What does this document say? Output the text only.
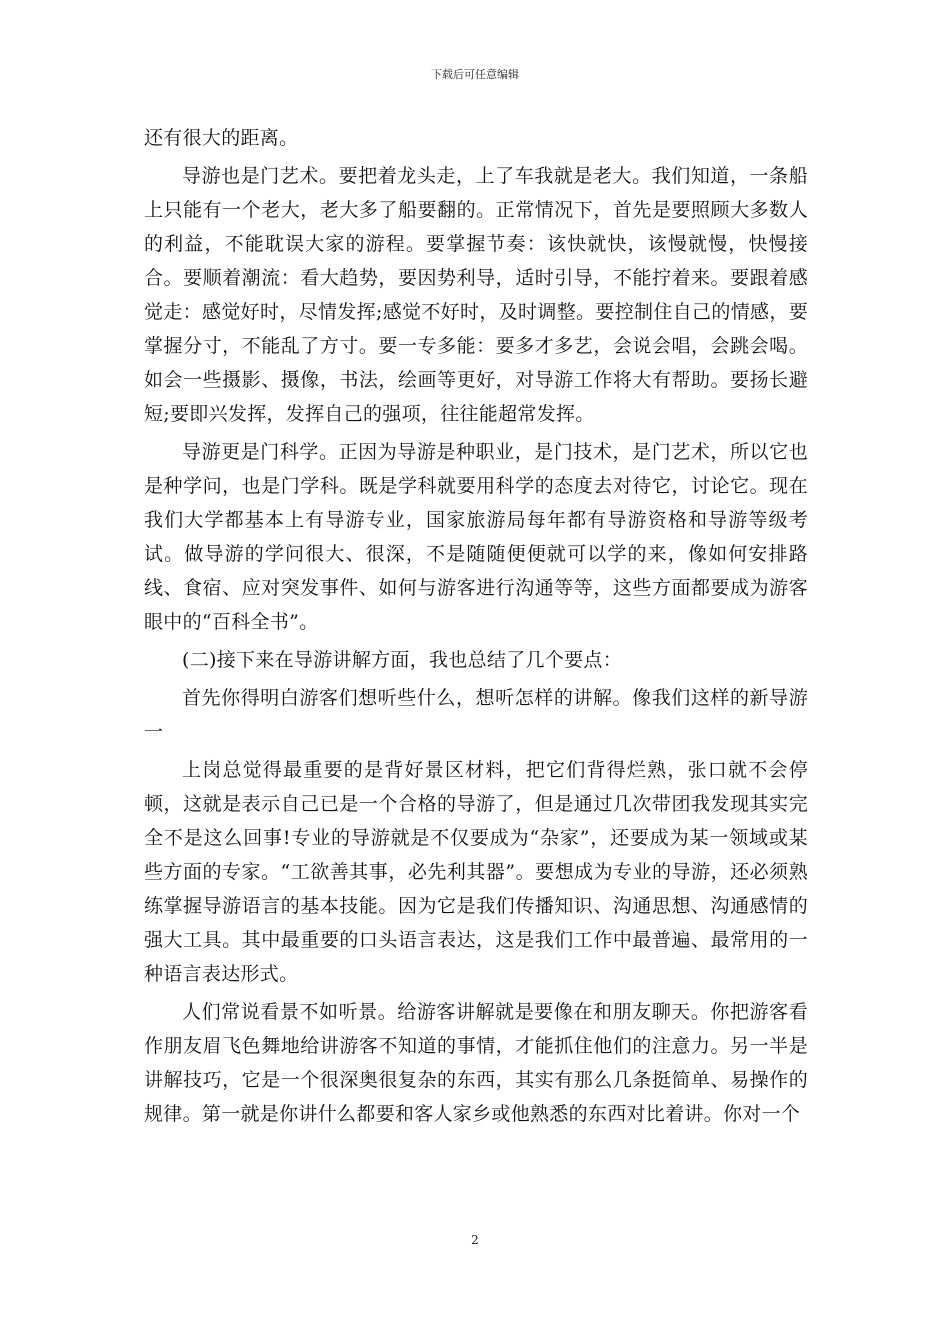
下载后可任意编辑

还有很大的距离。

导游也是门艺术。要把着龙头走，上了车我就是老大。我们知道，一条船上只能有一个老大，老大多了船要翻的。正常情况下，首先是要照顾大多数人的利益，不能耽误大家的游程。要掌握节奏：该快就快，该慢就慢，快慢接合。要顺着潮流：看大趋势，要因势利导，适时引导，不能拧着来。要跟着感觉走：感觉好时，尽情发挥;感觉不好时，及时调整。要控制住自己的情感，要掌握分寸，不能乱了方寸。要一专多能：要多才多艺，会说会唱，会跳会喝。如会一些摄影、摄像，书法，绘画等更好，对导游工作将大有帮助。要扬长避短;要即兴发挥，发挥自己的强项，往往能超常发挥。

导游更是门科学。正因为导游是种职业，是门技术，是门艺术，所以它也是种学问，也是门学科。既是学科就要用科学的态度去对待它，讨论它。现在我们大学都基本上有导游专业，国家旅游局每年都有导游资格和导游等级考试。做导游的学问很大、很深，不是随随便便就可以学的来，像如何安排路线、食宿、应对突发事件、如何与游客进行沟通等等，这些方面都要成为游客眼中的“百科全书”。

(二)接下来在导游讲解方面，我也总结了几个要点：

首先你得明白游客们想听些什么，想听怎样的讲解。像我们这样的新导游一

上岗总觉得最重要的是背好景区材料，把它们背得烂熟，张口就不会停顿，这就是表示自己已是一个合格的导游了，但是通过几次带团我发现其实完全不是这么回事!专业的导游就是不仅要成为“杂家”，还要成为某一领域或某些方面的专家。“工欲善其事，必先利其器”。要想成为专业的导游，还必须熟练掌握导游语言的基本技能。因为它是我们传播知识、沟通思想、沟通感情的强大工具。其中最重要的口头语言表达，这是我们工作中最普遍、最常用的一种语言表达形式。

人们常说看景不如听景。给游客讲解就是要像在和朋友聊天。你把游客看作朋友眉飞色舞地给讲游客不知道的事情，才能抓住他们的注意力。另一半是讲解技巧，它是一个很深奥很复杂的东西，其实有那么几条挺简单、易操作的规律。第一就是你讲什么都要和客人家乡或他熟悉的东西对比着讲。你对一个

2
